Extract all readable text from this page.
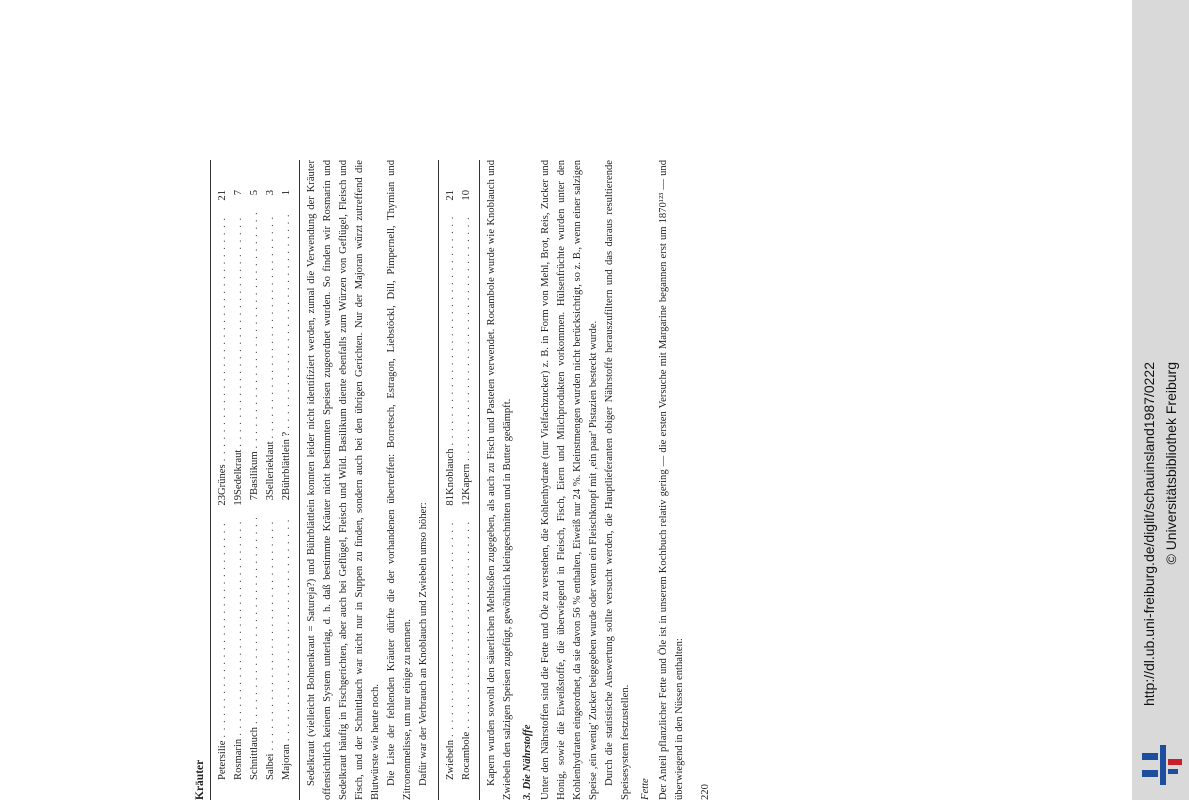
Kräuter Petersilie
. . .
23
Grünes
. . .
21
Rosmarin
. . .
19
Sedelkraut
. . .
7
Schnittlauch
. . .
7
Basilikum
. . .
5
Salbei
. . .
3
Sellerieklaut
. . .
3
Majoran
. . .
2
Bührblättlein ?
. . .
1 Sedelkraut (vielleicht Bohnenkraut = Satureja?) und Bührblättlein konnten leider nicht identifiziert werden, zumal die Verwendung der Kräuter offensichtlich keinem System unterlag, d. h. daß bestimmte Kräuter nicht bestimmten Speisen zugeordnet wurden. So finden wir Rosmarin und Sedelkraut häufig in Fischgerichten, aber auch bei Geflügel, Fleisch und Wild. Basilikum diente ebenfalls zum Würzen von Geflügel, Fleisch und Fisch, und der Schnittlauch war nicht nur in Suppen zu finden, sondern auch bei den übrigen Gerichten. Nur der Majoran würzt zutreffend die Blutwürste wie heute noch. Die Liste der fehlenden Kräuter dürfte die der vorhandenen übertreffen: Borretsch, Estragon, Liebstöckl, Dill, Pimpernell, Thymian und Zitronenmelisse, um nur einige zu nennen. Dafür war der Verbrauch an Knoblauch und Zwiebeln umso höher: Zwiebeln
. . .
81
Knoblauch
. . .
21
Rocambole
. . .
12
Kapern
. . .
10 Kapern wurden sowohl den säuerlichen Mehlsoßen zugegeben, als auch zu Fisch und Pasteten verwendet. Rocambole wurde wie Knoblauch und Zwiebeln den salzigen Speisen zugefügt, gewöhnlich kleingeschnitten und in Butter gedämpft. 3. Die Nährstoffe Unter den Nährstoffen sind die Fette und Öle zu verstehen, die Kohlenhydrate (nur Vielfachzucker) z. B. in Form von Mehl, Brot, Reis, Zucker und Honig, sowie die Eiweißstoffe, die überwiegend in Fleisch, Fisch, Eiern und Milchprodukten vorkommen. Hülsenfrüchte wurden unter den Kohlenhydraten eingeordnet, da sie davon 56 % enthalten, Eiweiß nur 24 %. Kleinstmengen wurden nicht berücksichtigt, so z. B., wenn einer salzigen Speise ‚ein wenig' Zucker beigegeben wurde oder wenn ein Fleischknopf mit ‚ein paar' Pistazien besteckt wurde. Durch die statistische Auswertung sollte versucht werden, die Hauptlieferanten obiger Nährstoffe herauszufiltern und das daraus resultierende Speisesystem festzustellen. Fette Der Anteil pflanzlicher Fette und Öle ist in unserem Kochbuch relativ gering — die ersten Versuche mit Margarine begannen erst um 1870¹²³ — und überwiegend in den Nüssen enthalten: 220
http://dl.ub.uni-freiburg.de/diglit/schauinsland1987/0222 © Universitätsbibliothek Freiburg
